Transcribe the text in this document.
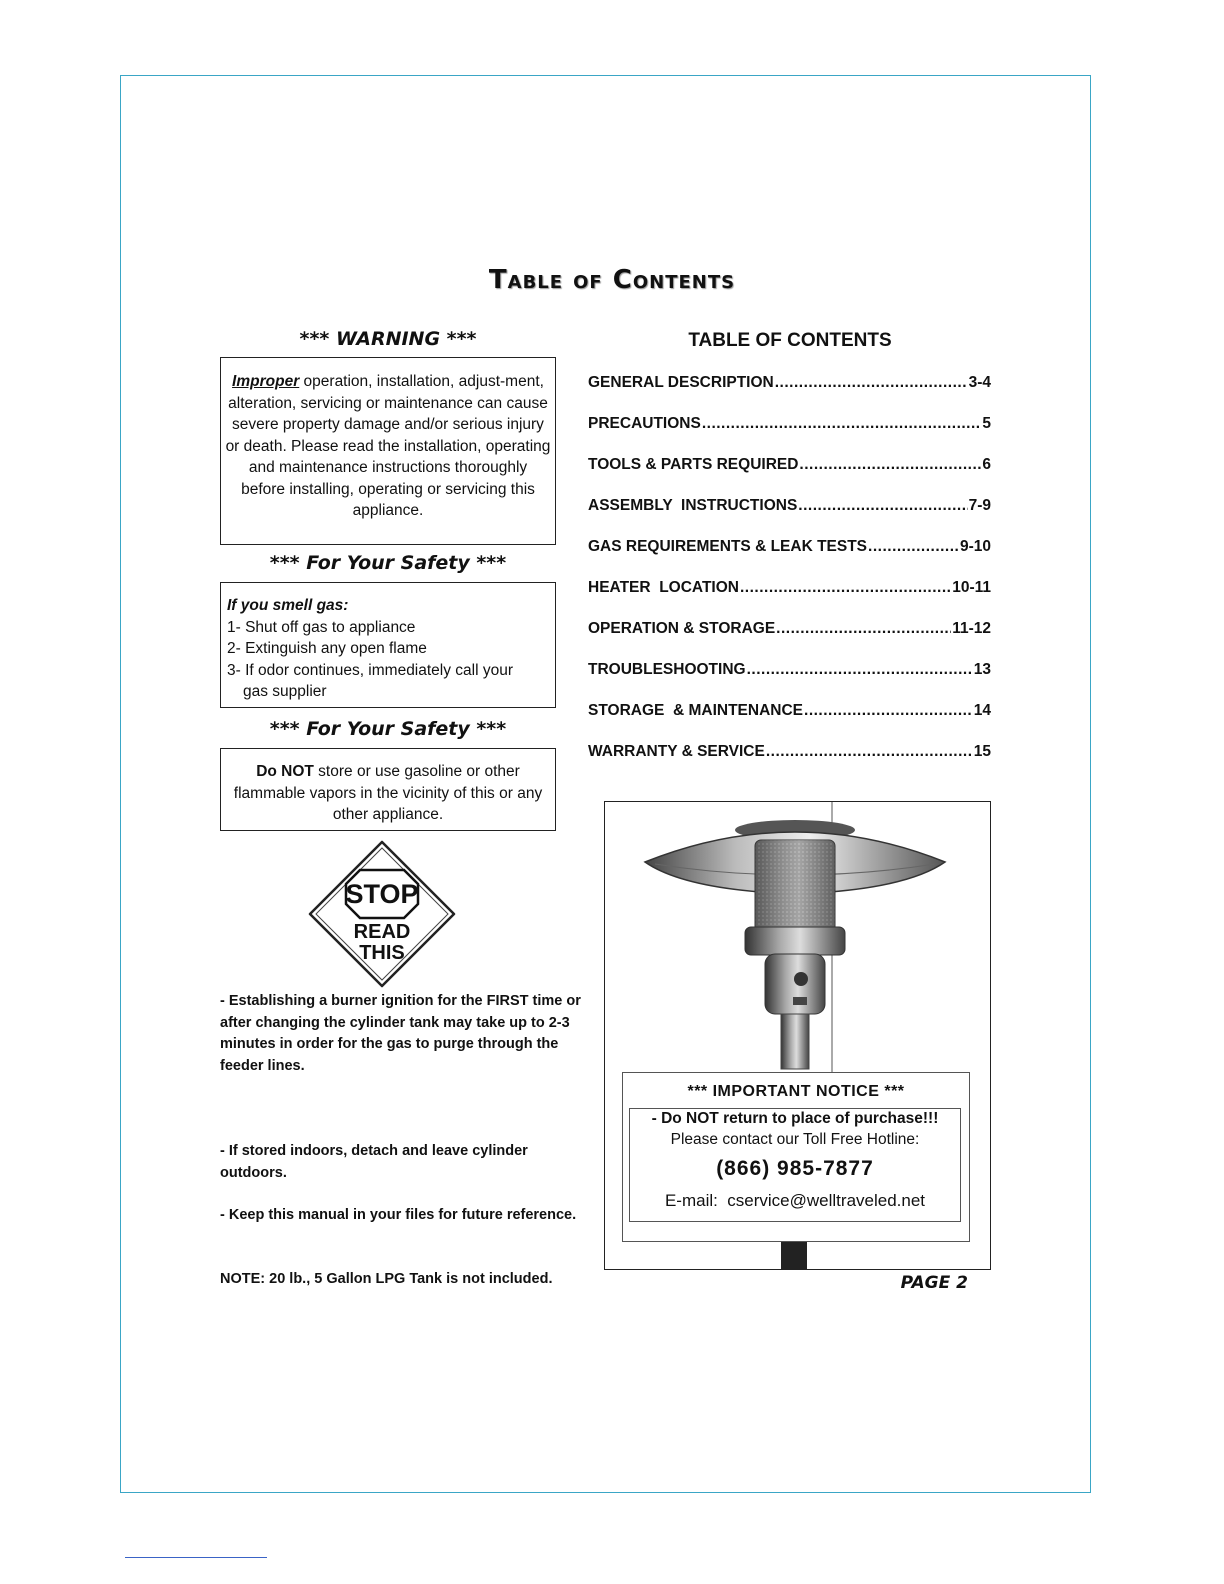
Table of Contents
*** WARNING ***
Improper operation, installation, adjust-ment, alteration, servicing or maintenance can cause severe property damage and/or serious injury or death. Please read the installation, operating and maintenance instructions thoroughly before installing, operating or servicing this appliance.
*** For Your Safety ***
If you smell gas:
1- Shut off gas to appliance
2- Extinguish any open flame
3- If odor continues, immediately call your
gas supplier
*** For Your Safety ***
Do NOT store or use gasoline or other flammable vapors in the vicinity of this or any other appliance.
STOP
READ
THIS
- Establishing a burner ignition for the FIRST time or after changing the cylinder tank may take up to 2-3 minutes in order for the gas to purge through the feeder lines.
- If stored indoors, detach and leave cylinder outdoors.
- Keep this manual in your files for future reference.
NOTE: 20 lb., 5 Gallon LPG Tank is not included.
TABLE OF CONTENTS
GENERAL DESCRIPTION .....	3-4
PRECAUTIONS .....	5
TOOLS & PARTS REQUIRED .....	6
ASSEMBLY  INSTRUCTIONS .....	7-9
GAS REQUIREMENTS & LEAK TESTS .....	9-10
HEATER  LOCATION .....	10-11
OPERATION & STORAGE .....	11-12
TROUBLESHOOTING .....	13
STORAGE  & MAINTENANCE .....	14
WARRANTY & SERVICE .....	15
*** IMPORTANT NOTICE ***
- Do NOT return to place of purchase!!!
Please contact our Toll Free Hotline:
(866) 985-7877
E-mail:  cservice@welltraveled.net
PAGE 2
